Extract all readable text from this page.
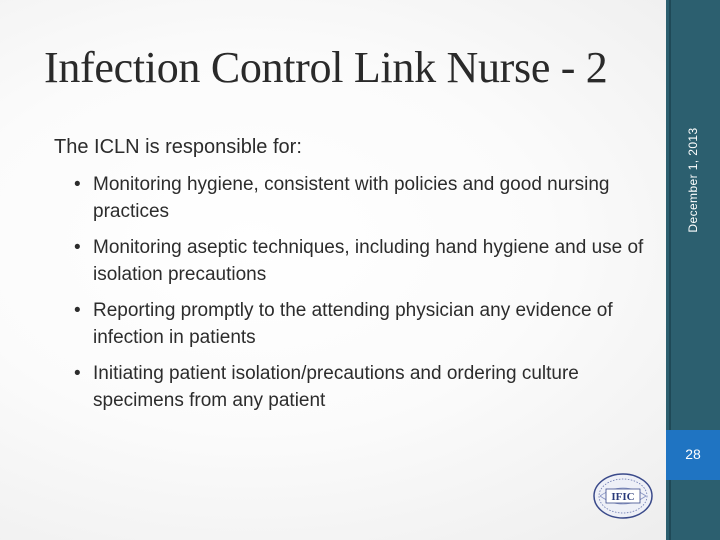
Infection Control Link Nurse - 2

The ICLN is responsible for:

• Monitoring hygiene, consistent with policies and good nursing practices
• Monitoring aseptic techniques, including hand hygiene and use of isolation precautions
• Reporting promptly to the attending physician any evidence of infection in patients
• Initiating patient isolation/precautions and ordering culture specimens from any patient
December 1, 2013
28
IFIC
